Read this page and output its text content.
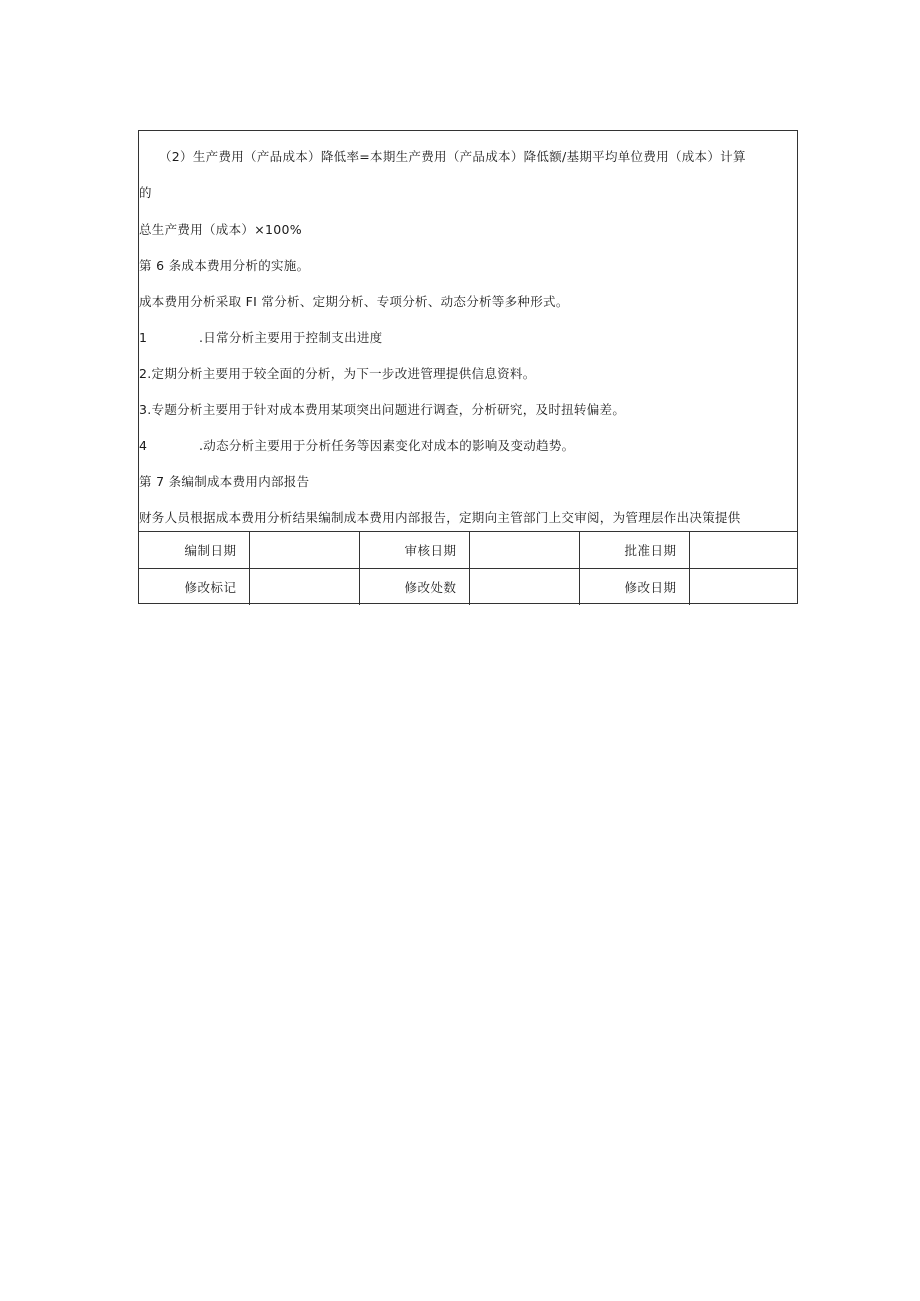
（2）生产费用（产品成本）降低率=本期生产费用（产品成本）降低额/基期平均单位费用（成本）计算
的
总生产费用（成本）×100%
第 6 条成本费用分析的实施。
成本费用分析采取 FI 常分析、定期分析、专项分析、动态分析等多种形式。
1	.日常分析主要用于控制支出进度
2.定期分析主要用于较全面的分析，为下一步改进管理提供信息资料。
3.专题分析主要用于针对成本费用某项突出问题进行调查，分析研究，及时扭转偏差。
4	.动态分析主要用于分析任务等因素变化对成本的影响及变动趋势。
第 7 条编制成本费用内部报告
财务人员根据成本费用分析结果编制成本费用内部报告，定期向主管部门上交审阅，为管理层作出决策提供
编制日期		审核日期		批准日期	
修改标记		修改处数		修改日期	
